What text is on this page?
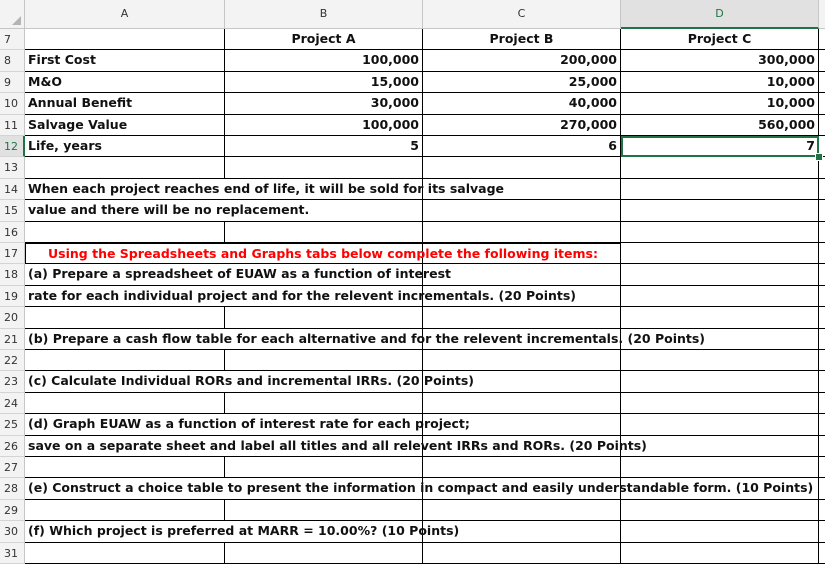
A	B	C	D
7	Project A	Project B	Project C
8	First Cost	100,000	200,000	300,000
9	M&O	15,000	25,000	10,000
10 Annual Benefit	30,000	40,000	10,000
11 Salvage Value	100,000	270,000	560,000
12 Life, years	5	6	7
13
14 When each project reaches end of life, it will be sold for its salvage
15 value and there will be no replacement.
16
17	Using the Spreadsheets and Graphs tabs below complete the following items:
18 (a) Prepare a spreadsheet of EUAW as a function of interest
19 rate for each individual project and for the relevent incrementals. (20 Points)
20
21 (b) Prepare a cash flow table for each alternative and for the relevent incrementals. (20 Points)
22
23 (c) Calculate Individual RORs and incremental IRRs. (20 Points)
24
25 (d) Graph EUAW as a function of interest rate for each project;
26 save on a separate sheet and label all titles and all relevent IRRs and RORs. (20 Points)
27
28 (e) Construct a choice table to present the information in compact and easily understandable form. (10 Points)
29
30 (f) Which project is preferred at MARR = 10.00%? (10 Points)
31
